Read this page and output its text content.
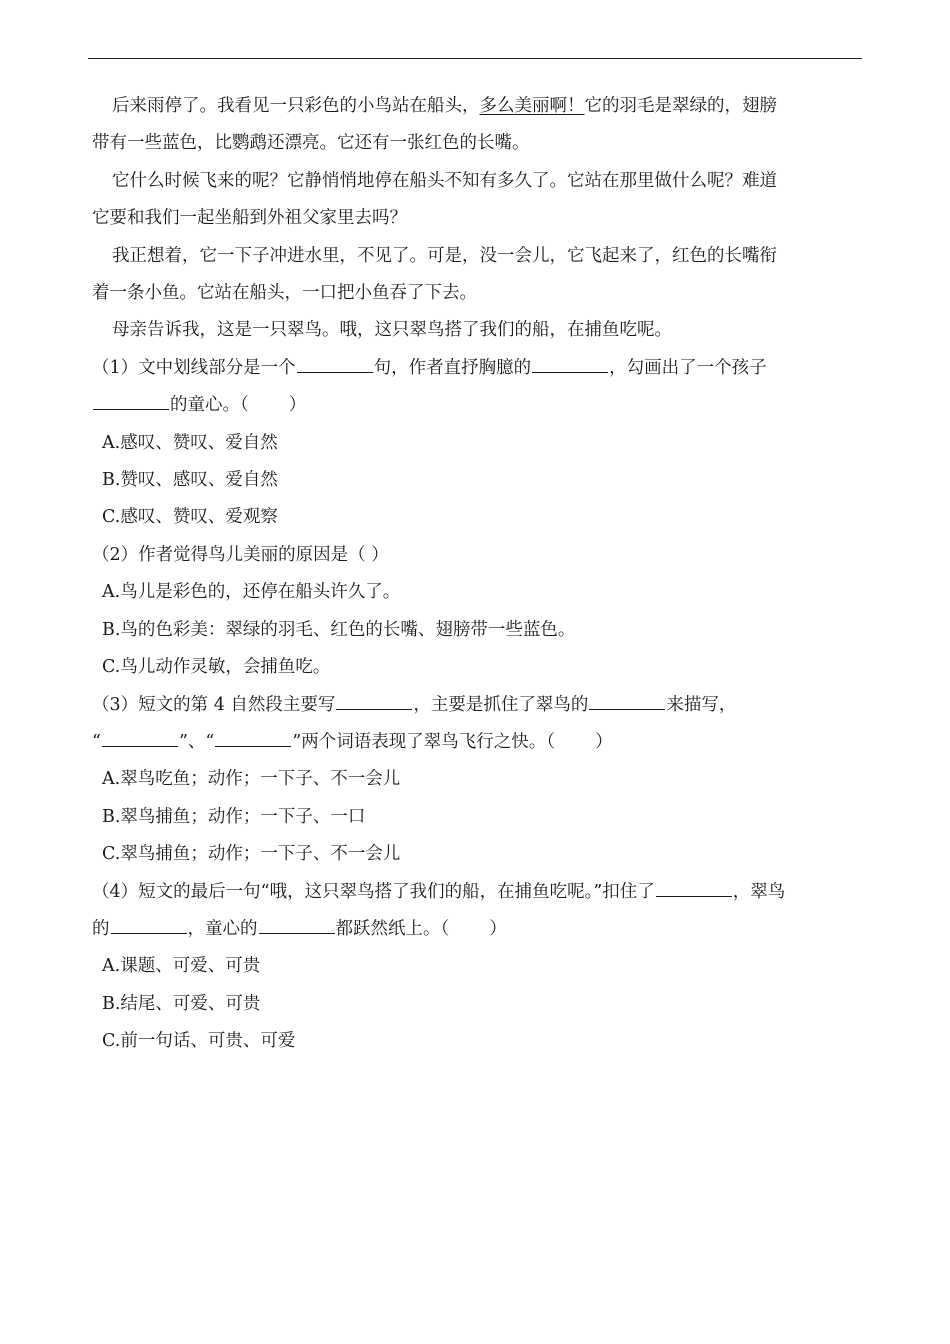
后来雨停了。我看见一只彩色的小鸟站在船头，多么美丽啊！它的羽毛是翠绿的，翅膀
带有一些蓝色，比鹦鹉还漂亮。它还有一张红色的长嘴。
它什么时候飞来的呢？它静悄悄地停在船头不知有多久了。它站在那里做什么呢？难道
它要和我们一起坐船到外祖父家里去吗？
我正想着，它一下子冲进水里，不见了。可是，没一会儿，它飞起来了，红色的长嘴衔
着一条小鱼。它站在船头，一口把小鱼吞了下去。
母亲告诉我，这是一只翠鸟。哦，这只翠鸟搭了我们的船，在捕鱼吃呢。
（1）文中划线部分是一个	句，作者直抒胸臆的	，勾画出了一个孩子
的童心。（ ）
A.感叹、赞叹、爱自然
B.赞叹、感叹、爱自然
C.感叹、赞叹、爱观察
（2）作者觉得鸟儿美丽的原因是（ ）
A.鸟儿是彩色的，还停在船头许久了。
B.鸟的色彩美：翠绿的羽毛、红色的长嘴、翅膀带一些蓝色。
C.鸟儿动作灵敏，会捕鱼吃。
（3）短文的第 4 自然段主要写	，主要是抓住了翠鸟的	来描写，
“	”、“	”两个词语表现了翠鸟飞行之快。（ ）
A.翠鸟吃鱼；动作；一下子、不一会儿
B.翠鸟捕鱼；动作；一下子、一口
C.翠鸟捕鱼；动作；一下子、不一会儿
（4）短文的最后一句“哦，这只翠鸟搭了我们的船，在捕鱼吃呢。”扣住了	，翠鸟
的	，童心的	都跃然纸上。（ ）
A.课题、可爱、可贵
B.结尾、可爱、可贵
C.前一句话、可贵、可爱
